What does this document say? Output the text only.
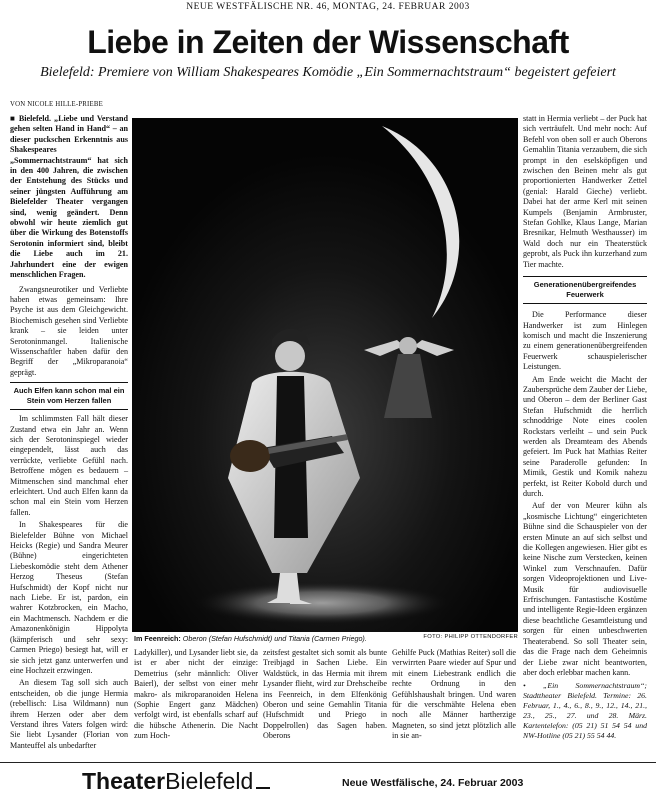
NEUE WESTFÄLISCHE NR. 46, MONTAG, 24. FEBRUAR 2003
Liebe in Zeiten der Wissenschaft
Bielefeld: Premiere von William Shakespeares Komödie „Ein Sommernachtstraum“ begeistert gefeiert
VON NICOLE HILLE-PRIEBE

■ Bielefeld. „Liebe und Verstand gehen selten Hand in Hand“ – an dieser puckschen Erkenntnis aus Shakespeares „Sommernachtstraum“ hat sich in den 400 Jahren, die zwischen der Entstehung des Stücks und seiner jüngsten Aufführung am Bielefelder Theater vergangen sind, wenig geändert. Denn obwohl wir heute ziemlich gut über die Wirkung des Botenstoffs Serotonin informiert sind, bleibt die Liebe auch im 21. Jahrhundert eine der ewigen menschlichen Fragen.

Zwangsneurotiker und Verliebte haben etwas gemeinsam: Ihre Psyche ist aus dem Gleichgewicht. Biochemisch gesehen sind Verliebte krank – sie leiden unter Serotoninmangel. Italienische Wissenschaftler haben dafür den Begriff der „Mikroparanoia“ geprägt.

Auch Elfen kann schon mal ein Stein vom Herzen fallen

Im schlimmsten Fall hält dieser Zustand etwa ein Jahr an. Wenn sich der Serotoninspiegel wieder eingependelt, lässt auch das verrückte, verliebte Gefühl nach. Betroffene mögen es bedauern – Mitmenschen sind manchmal eher erleichtert. Und auch Elfen kann da schon mal ein Stein vom Herzen fallen.

In Shakespeares für die Bielefelder Bühne von Michael Heicks (Regie) und Sandra Meurer (Bühne) eingerichteten Liebeskomödie steht dem Athener Herzog Theseus (Stefan Hufschmidt) der Kopf nicht nur nach Liebe. Er ist, pardon, ein wahrer Kotzbrocken, ein Macho, ein Machtmensch. Nachdem er die Amazonenkönigin Hippolyta (kämpferisch und sehr sexy: Carmen Priego) besiegt hat, will er sie sich jetzt ganz unterwerfen und eine Hochzeit erzwingen.

An diesem Tag soll sich auch entscheiden, ob die junge Hermia (rebellisch: Lisa Wildmann) nun ihrem Herzen oder aber dem Verstand ihres Vaters folgen wird: Sie liebt Lysander (Florian von Manteuffel als unbedarfter

FOTO: PHILIPP OTTENDORFER
Im Feenreich: Oberon (Stefan Hufschmidt) und Titania (Carmen Priego).
Ladykiller), und Lysander liebt sie, da ist er aber nicht der einzige: Demetrius (sehr männlich: Oliver Baierl), der selbst von einer mehr makro- als mikroparanoiden Helena (Sophie Engert ganz Mädchen) verfolgt wird, ist ebenfalls scharf auf die hübsche Athenerin. Die Nacht zum Hoch-
zeitsfest gestaltet sich somit als bunte Treibjagd in Sachen Liebe. Ein Waldstück, in das Hermia mit ihrem Lysander flieht, wird zur Drehscheibe ins Feenreich, in dem Elfenkönig Oberon und seine Gemahlin Titania (Hufschmidt und Priego in Doppelrollen) das Sagen haben. Oberons
Gehilfe Puck (Mathias Reiter) soll die verwirrten Paare wieder auf Spur und mit einem Liebestrank endlich die rechte Ordnung in den Gefühlshaushalt bringen. Und waren für die verschmähte Helena eben noch alle Männer hartherzige Magneten, so sind jetzt plötzlich alle in sie an-

statt in Hermia verliebt – der Puck hat sich verträufelt. Und mehr noch: Auf Befehl von oben soll er auch Oberons Gemahlin Titania verzaubern, die sich prompt in den eselsköpfigen und zwischen den Beinen mehr als gut proportionierten Handwerker Zettel (genial: Harald Gieche) verliebt. Dabei hat der arme Kerl mit seinen Kumpels (Benjamin Armbruster, Stefan Gohlke, Klaus Lange, Marian Bresnikar, Helmuth Westhausser) im Wald doch nur ein Theaterstück geprobt, als Puck ihn kurzerhand zum Tier machte.

Generationenübergreifendes Feuerwerk

Die Performance dieser Handwerker ist zum Hinlegen komisch und macht die Inszenierung zu einem generationenübergreifenden Feuerwerk schauspielerischer Leistungen.

Am Ende weicht die Macht der Zaubersprüche dem Zauber der Liebe, und Oberon – dem der Berliner Gast Stefan Hufschmidt die herrlich schnoddrige Note eines coolen Rockstars verleiht – und sein Puck werden als Dreamteam des Abends gefeiert. Im Puck hat Mathias Reiter seine Paraderolle gefunden: In Mimik, Gestik und Komik nahezu perfekt, ist Reiter Kobold durch und durch.

Auf der von Meurer kühn als „kosmische Lichtung“ eingerichteten Bühne sind die Schauspieler von der ersten Minute an auf sich selbst und die Kollegen angewiesen. Hier gibt es keine Nische zum Verstecken, keinen Winkel zum Verschnaufen. Dafür sorgen Videoprojektionen und Live-Musik für audiovisuelle Erfrischungen. Fantastische Kostüme und intelligente Regie-Ideen ergänzen diese beachtliche Gesamtleistung und sorgen für einen unbeschwerten Theaterabend. So soll Theater sein, das die Frage nach dem Geheimnis der Liebe zwar nicht beantworten, aber doch erlebbar machen kann.

• „Ein Sommernachtstraum“; Stadttheater Bielefeld. Termine: 26. Februar, 1., 4., 6., 8., 9., 12., 14., 21., 23., 25., 27. und 28. März. Kartentelefon: (05 21) 51 54 54 und NW-Hotline (05 21) 55 54 44.

TheaterBielefeld	Neue Westfälische, 24. Februar 2003
